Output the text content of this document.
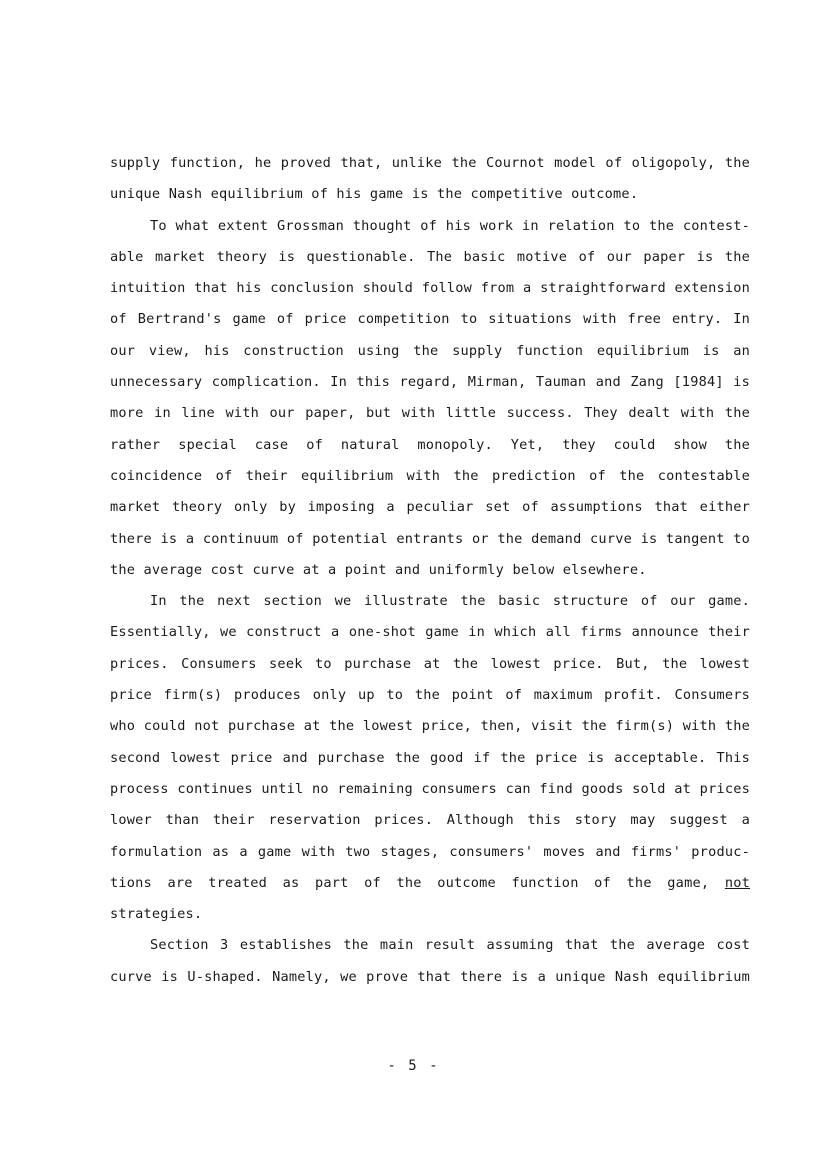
supply function, he proved that, unlike the Cournot model of oligopoly, the
unique Nash equilibrium of his game is the competitive outcome.
To what extent Grossman thought of his work in relation to the contest-
able market theory is questionable. The basic motive of our paper is the
intuition that his conclusion should follow from a straightforward extension
of Bertrand's game of price competition to situations with free entry. In
our view, his construction using the supply function equilibrium is an
unnecessary complication. In this regard, Mirman, Tauman and Zang [1984] is
more in line with our paper, but with little success. They dealt with the
rather special case of natural monopoly. Yet, they could show the
coincidence of their equilibrium with the prediction of the contestable
market theory only by imposing a peculiar set of assumptions that either
there is a continuum of potential entrants or the demand curve is tangent to
the average cost curve at a point and uniformly below elsewhere.
In the next section we illustrate the basic structure of our game.
Essentially, we construct a one-shot game in which all firms announce their
prices. Consumers seek to purchase at the lowest price. But, the lowest
price firm(s) produces only up to the point of maximum profit. Consumers
who could not purchase at the lowest price, then, visit the firm(s) with the
second lowest price and purchase the good if the price is acceptable. This
process continues until no remaining consumers can find goods sold at prices
lower than their reservation prices. Although this story may suggest a
formulation as a game with two stages, consumers' moves and firms' produc-
tions are treated as part of the outcome function of the game, not
strategies.
Section 3 establishes the main result assuming that the average cost
curve is U-shaped. Namely, we prove that there is a unique Nash equilibrium
- 5 -
